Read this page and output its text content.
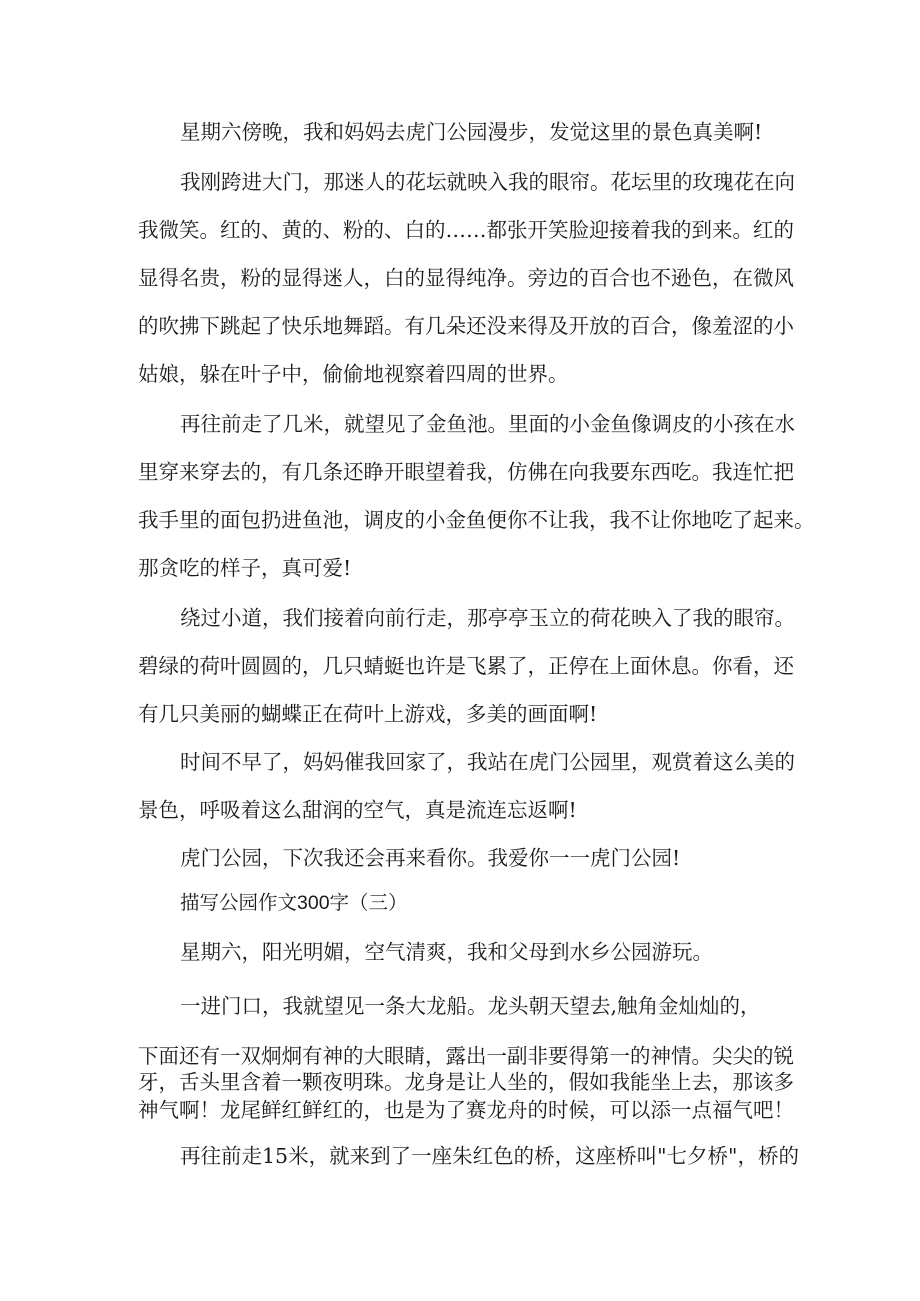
星期六傍晚，我和妈妈去虎门公园漫步，发觉这里的景色真美啊!

我刚跨进大门，那迷人的花坛就映入我的眼帘。花坛里的玫瑰花在向

我微笑。红的、黄的、粉的、白的……都张开笑脸迎接着我的到来。红的

显得名贵，粉的显得迷人，白的显得纯净。旁边的百合也不逊色，在微风

的吹拂下跳起了快乐地舞蹈。有几朵还没来得及开放的百合，像羞涩的小

姑娘，躲在叶子中，偷偷地视察着四周的世界。

再往前走了几米，就望见了金鱼池。里面的小金鱼像调皮的小孩在水

里穿来穿去的，有几条还睁开眼望着我，仿佛在向我要东西吃。我连忙把

我手里的面包扔进鱼池，调皮的小金鱼便你不让我，我不让你地吃了起来。

那贪吃的样子，真可爱!

绕过小道，我们接着向前行走，那亭亭玉立的荷花映入了我的眼帘。

碧绿的荷叶圆圆的，几只蜻蜓也许是飞累了，正停在上面休息。你看，还

有几只美丽的蝴蝶正在荷叶上游戏，多美的画面啊!

时间不早了，妈妈催我回家了，我站在虎门公园里，观赏着这么美的

景色，呼吸着这么甜润的空气，真是流连忘返啊!

虎门公园，下次我还会再来看你。我爱你一一虎门公园!

描写公园作文300字（三）

星期六，阳光明媚，空气清爽，我和父母到水乡公园游玩。

一进门口，我就望见一条大龙船。龙头朝天望去,触角金灿灿的，

下面还有一双炯炯有神的大眼睛，露出一副非要得第一的神情。尖尖的锐

牙，舌头里含着一颗夜明珠。龙身是让人坐的，假如我能坐上去，那该多

神气啊！龙尾鲜红鲜红的，也是为了赛龙舟的时候，可以添一点福气吧！

再往前走15米，就来到了一座朱红色的桥，这座桥叫"七夕桥"，桥的
